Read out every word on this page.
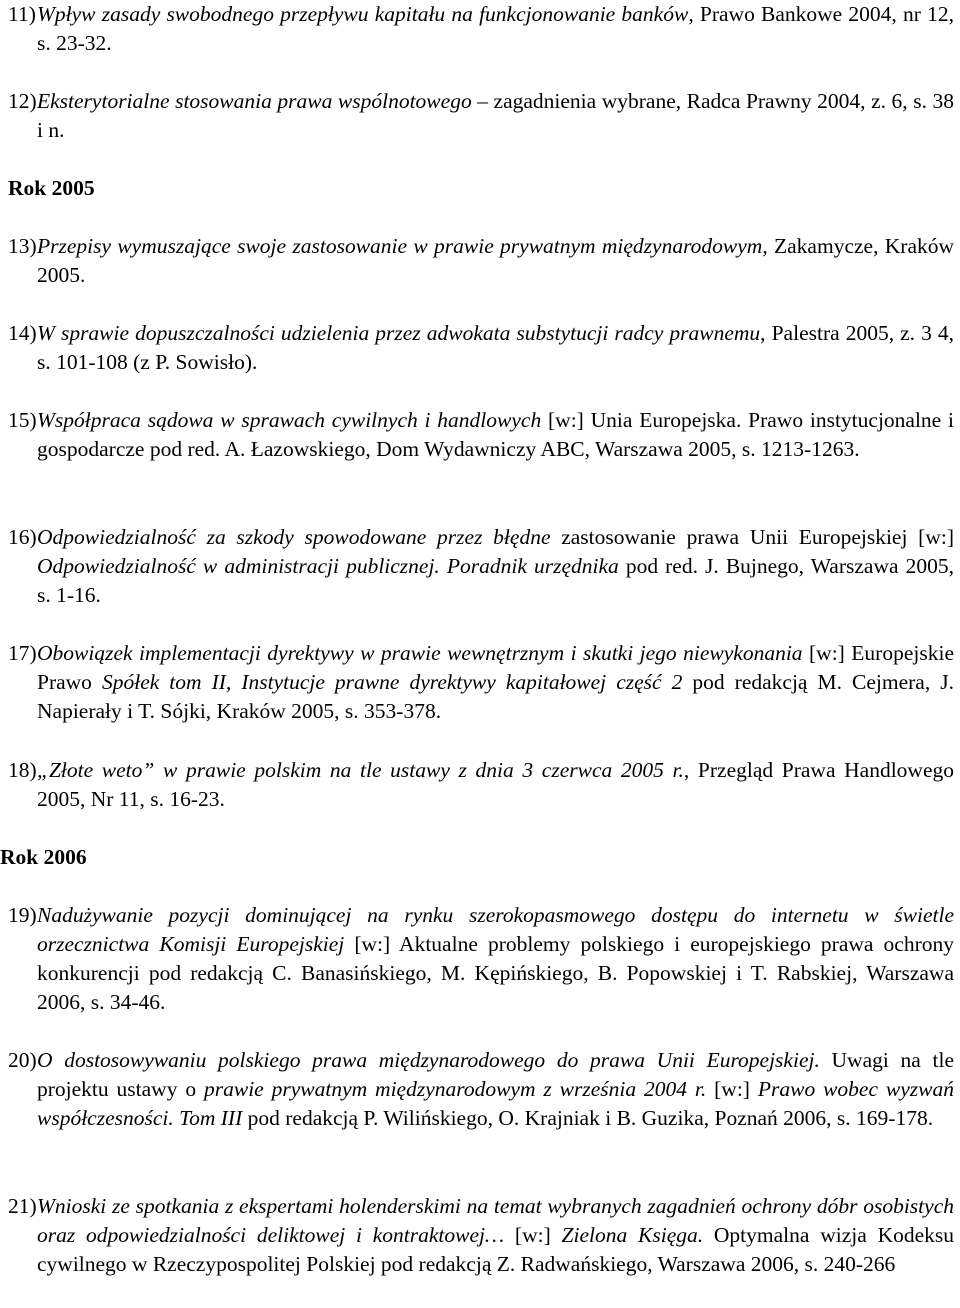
11) Wpływ zasady swobodnego przepływu kapitału na funkcjonowanie banków, Prawo Bankowe 2004, nr 12, s. 23-32.
12) Eksterytorialne stosowania prawa wspólnotowego – zagadnienia wybrane, Radca Prawny 2004, z. 6, s. 38 i n.
Rok 2005
13) Przepisy wymuszające swoje zastosowanie w prawie prywatnym międzynarodowym, Zakamycze, Kraków 2005.
14) W sprawie dopuszczalności udzielenia przez adwokata substytucji radcy prawnemu, Palestra 2005, z. 3 4, s. 101-108 (z P. Sowisło).
15) Współpraca sądowa w sprawach cywilnych i handlowych [w:] Unia Europejska. Prawo instytucjonalne i gospodarcze pod red. A. Łazowskiego, Dom Wydawniczy ABC, Warszawa 2005, s. 1213-1263.
16) Odpowiedzialność za szkody spowodowane przez błędne zastosowanie prawa Unii Europejskiej [w:] Odpowiedzialność w administracji publicznej. Poradnik urzędnika pod red. J. Bujnego, Warszawa 2005, s. 1-16.
17) Obowiązek implementacji dyrektywy w prawie wewnętrznym i skutki jego niewykonania [w:] Europejskie Prawo Spółek tom II, Instytucje prawne dyrektywy kapitałowej część 2 pod redakcją M. Cejmera, J. Napierały i T. Sójki, Kraków 2005, s. 353-378.
18) „Złote weto” w prawie polskim na tle ustawy z dnia 3 czerwca 2005 r., Przegląd Prawa Handlowego 2005, Nr 11, s. 16-23.
Rok 2006
19) Nadużywanie pozycji dominującej na rynku szerokopasmowego dostępu do internetu w świetle orzecznictwa Komisji Europejskiej [w:] Aktualne problemy polskiego i europejskiego prawa ochrony konkurencji pod redakcją C. Banasińskiego, M. Kępińskiego, B. Popowskiej i T. Rabskiej, Warszawa 2006, s. 34-46.
20) O dostosowywaniu polskiego prawa międzynarodowego do prawa Unii Europejskiej. Uwagi na tle projektu ustawy o prawie prywatnym międzynarodowym z września 2004 r. [w:] Prawo wobec wyzwań współczesności. Tom III pod redakcją P. Wilińskiego, O. Krajniak i B. Guzika, Poznań 2006, s. 169-178.
21) Wnioski ze spotkania z ekspertami holenderskimi na temat wybranych zagadnień ochrony dóbr osobistych oraz odpowiedzialności deliktowej i kontraktowej… [w:] Zielona Księga. Optymalna wizja Kodeksu cywilnego w Rzeczypospolitej Polskiej pod redakcją Z. Radwańskiego, Warszawa 2006, s. 240-266
